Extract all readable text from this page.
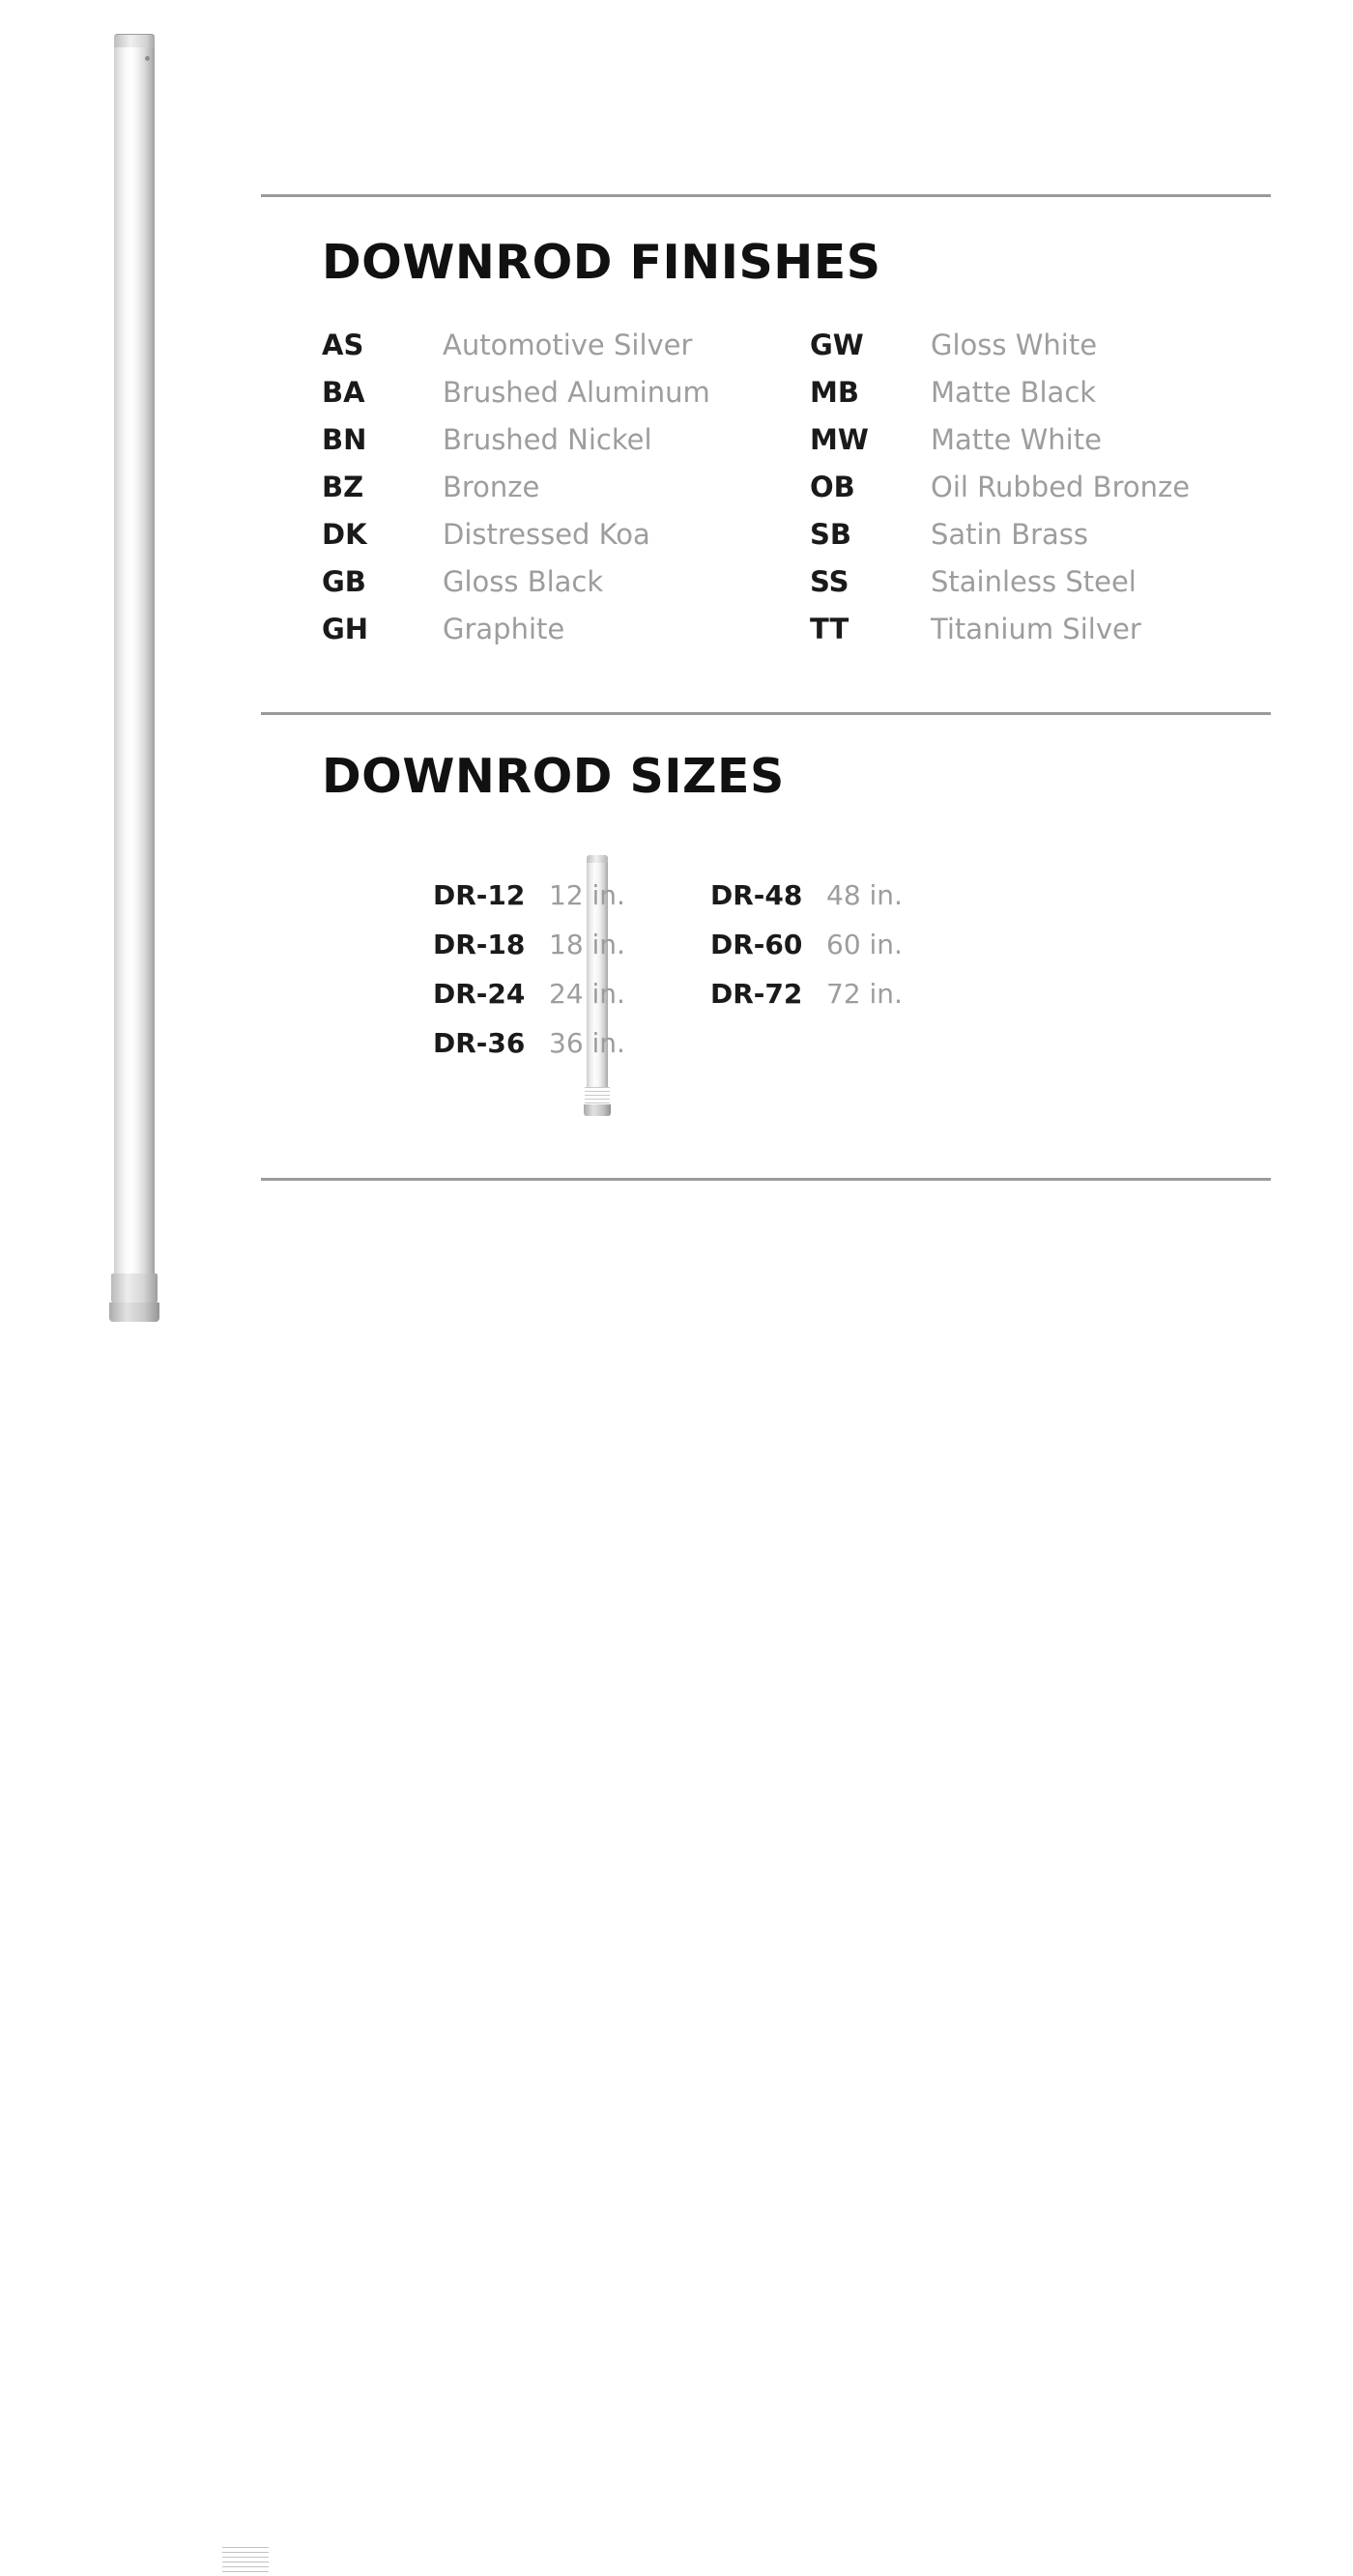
DOWNROD FINISHES
AS	Automotive Silver
BA	Brushed Aluminum
BN	Brushed Nickel
BZ	Bronze
DK	Distressed Koa
GB	Gloss Black
GH	Graphite
GW	Gloss White
MB	Matte Black
MW	Matte White
OB	Oil Rubbed Bronze
SB	Satin Brass
SS	Stainless Steel
TT	Titanium Silver
DOWNROD SIZES
DR-12 12 in.
DR-18 18 in.
DR-24 24 in.
DR-36 36 in.
DR-48 48 in.
DR-60 60 in.
DR-72 72 in.
